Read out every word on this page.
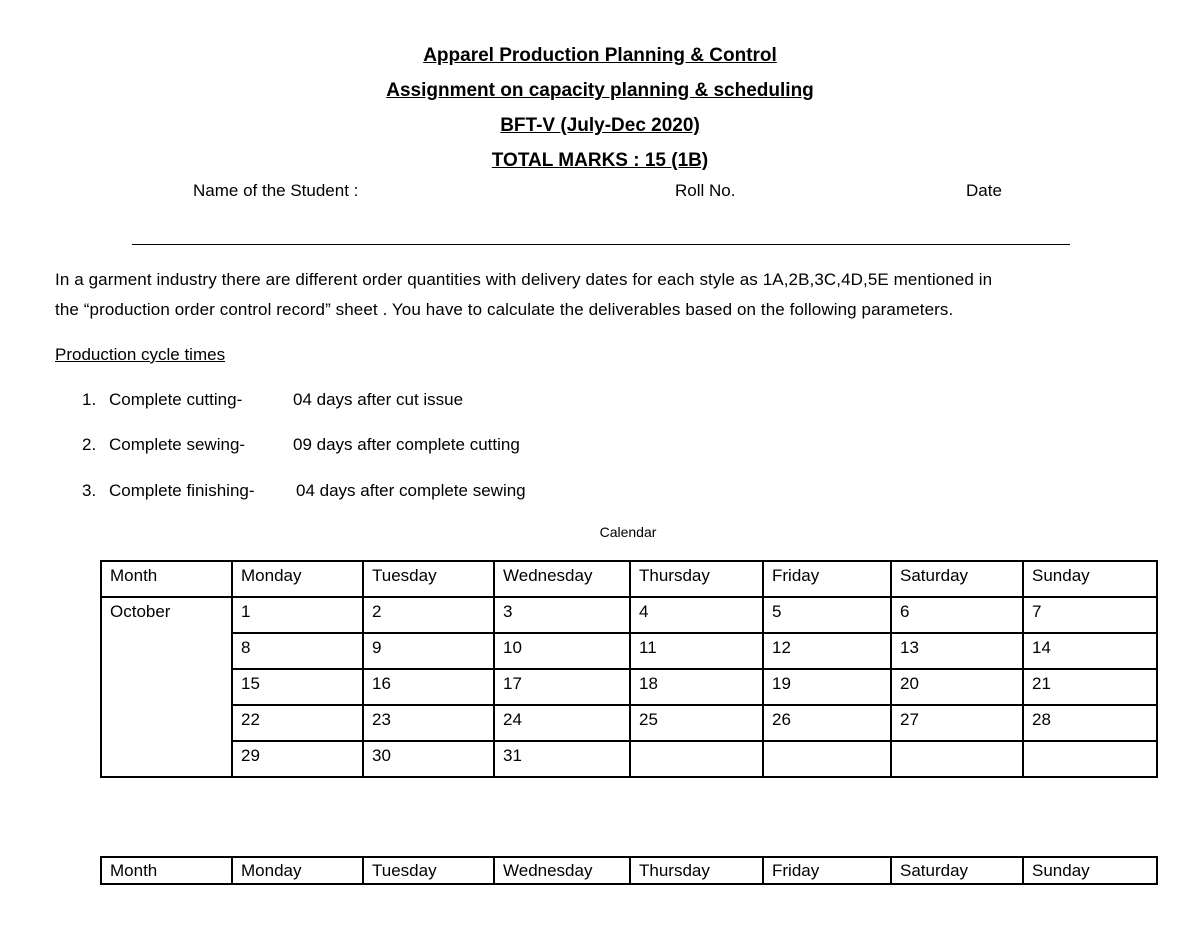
Apparel Production Planning & Control
Assignment on capacity planning & scheduling
BFT-V (July-Dec 2020)
TOTAL MARKS : 15 (1B)
Name of the Student :	Roll No.	Date
In a garment industry there are different order quantities with delivery dates for each style as 1A,2B,3C,4D,5E mentioned in
the “production order control record” sheet . You have to calculate the deliverables based on the following parameters.
Production cycle times
1. Complete cutting-	04 days after cut issue
2. Complete sewing-	09 days after complete cutting
3. Complete finishing- 04 days after complete sewing
Calendar
Month	Monday	Tuesday	Wednesday	Thursday	Friday	Saturday	Sunday
October	1	2	3	4	5	6	7
	8	9	10	11	12	13	14
	15	16	17	18	19	20	21
	22	23	24	25	26	27	28
	29	30	31				
Month	Monday	Tuesday	Wednesday	Thursday	Friday	Saturday	Sunday
